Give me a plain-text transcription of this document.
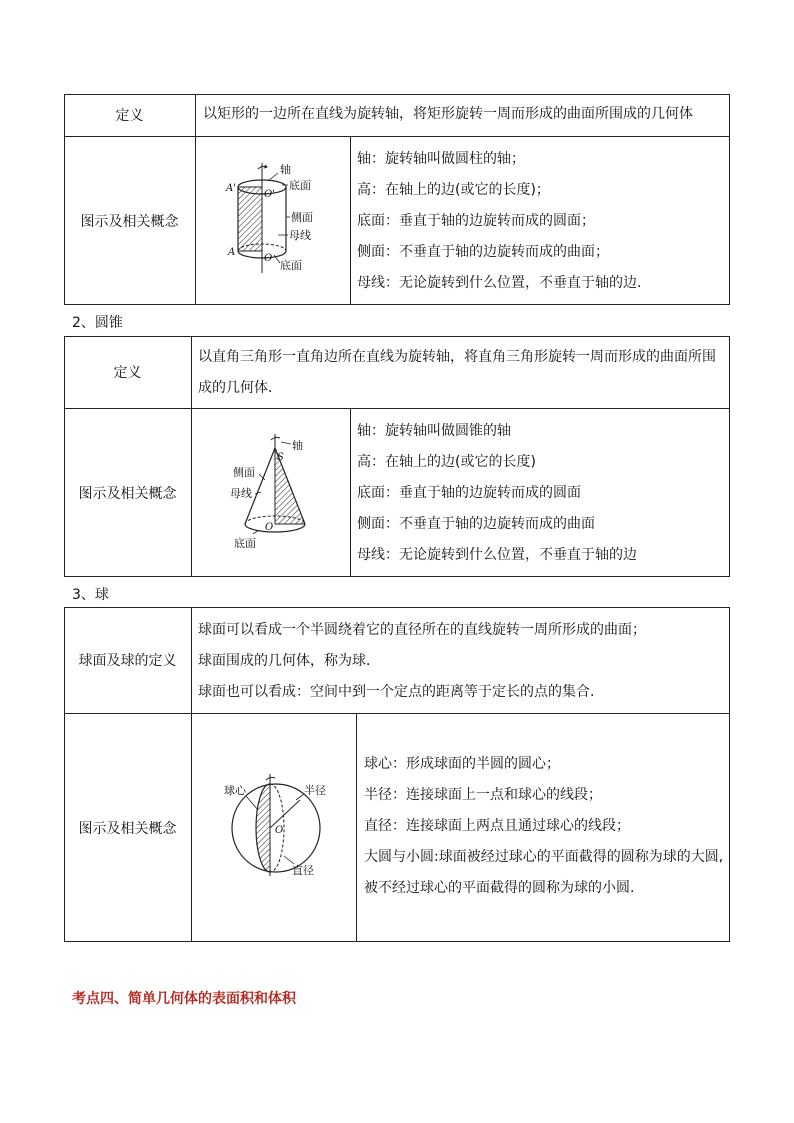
定义	以矩形的一边所在直线为旋转轴，将矩形旋转一周而形成的曲面所围成的几何体
图示及相关概念
轴
底面
侧面
母线
底面
A'
O'
A
O
轴：旋转轴叫做圆柱的轴；
高：在轴上的边(或它的长度)；
底面：垂直于轴的边旋转而成的圆面；
侧面：不垂直于轴的边旋转而成的曲面；
母线：无论旋转到什么位置，不垂直于轴的边.
2、圆锥
定义
以直角三角形一直角边所在直线为旋转轴，将直角三角形旋转一周而形成的曲面所围
成的几何体.
图示及相关概念
轴
S
侧面
母线
O
底面
轴：旋转轴叫做圆锥的轴
高：在轴上的边(或它的长度)
底面：垂直于轴的边旋转而成的圆面
侧面：不垂直于轴的边旋转而成的曲面
母线：无论旋转到什么位置，不垂直于轴的边
3、球
球面及球的定义
球面可以看成一个半圆绕着它的直径所在的直线旋转一周所形成的曲面；
球面围成的几何体，称为球．
球面也可以看成：空间中到一个定点的距离等于定长的点的集合.
图示及相关概念
球心	半径
O
直径
球心：形成球面的半圆的圆心；
半径：连接球面上一点和球心的线段；
直径：连接球面上两点且通过球心的线段；
大圆与小圆:球面被经过球心的平面截得的圆称为球的大圆,
被不经过球心的平面截得的圆称为球的小圆.
考点四、简单几何体的表面积和体积
